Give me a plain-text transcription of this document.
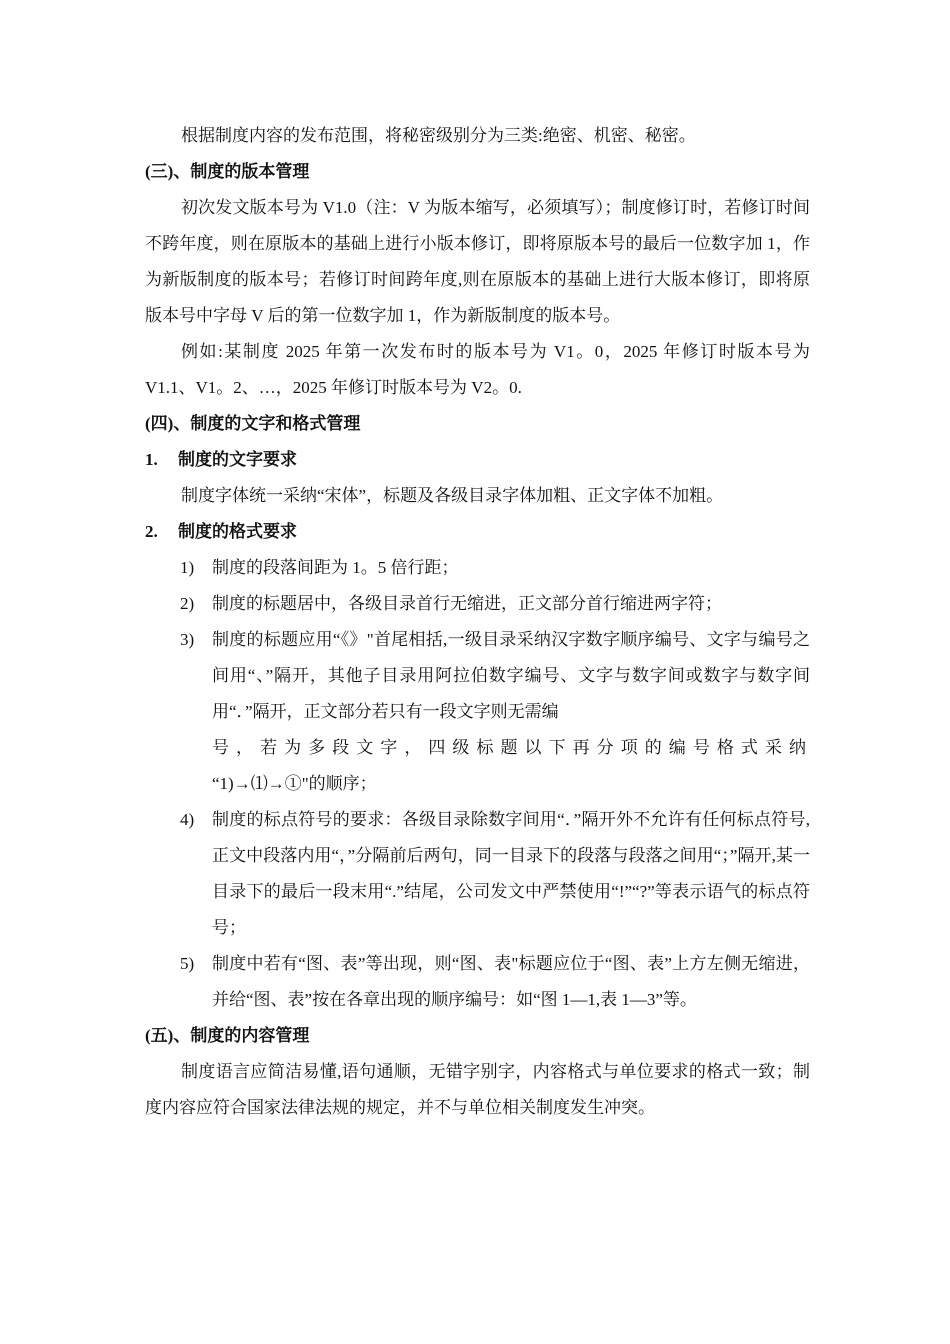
根据制度内容的发布范围，将秘密级别分为三类:绝密、机密、秘密。

(三)、制度的版本管理

初次发文版本号为 V1.0（注：V 为版本缩写，必须填写）；制度修订时，若修订时间不跨年度，则在原版本的基础上进行小版本修订，即将原版本号的最后一位数字加 1，作为新版制度的版本号；若修订时间跨年度,则在原版本的基础上进行大版本修订，即将原版本号中字母 V 后的第一位数字加 1，作为新版制度的版本号。

例如:某制度 2025 年第一次发布时的版本号为 V1。0，2025 年修订时版本号为 V1.1、V1。2、…，2025 年修订时版本号为 V2。0.

(四)、制度的文字和格式管理

1.	制度的文字要求

制度字体统一采纳“宋体”，标题及各级目录字体加粗、正文字体不加粗。

2.	制度的格式要求
1)	制度的段落间距为 1。5 倍行距；
2)	制度的标题居中，各级目录首行无缩进，正文部分首行缩进两字符；
3)	制度的标题应用“《》"首尾相括,一级目录采纳汉字数字顺序编号、文字与编号之间用“、”隔开，其他子目录用阿拉伯数字编号、文字与数字间或数字与数字间用“．”隔开，正文部分若只有一段文字则无需编
号，若为多段文字，四级标题以下再分项的编号格式采纳
“1)→⑴→①"的顺序；
4)	制度的标点符号的要求：各级目录除数字间用“．”隔开外不允许有任何标点符号,正文中段落内用“，”分隔前后两句，同一目录下的段落与段落之间用“；”隔开,某一目录下的最后一段末用“.”结尾，公司发文中严禁使用“!”“?”等表示语气的标点符号；
5)	制度中若有“图、表”等出现，则“图、表"标题应位于“图、表”上方左侧无缩进，并给“图、表”按在各章出现的顺序编号：如“图 1—1,表 1—3”等。

(五)、制度的内容管理

制度语言应简洁易懂,语句通顺，无错字别字，内容格式与单位要求的格式一致；制度内容应符合国家法律法规的规定，并不与单位相关制度发生冲突。
